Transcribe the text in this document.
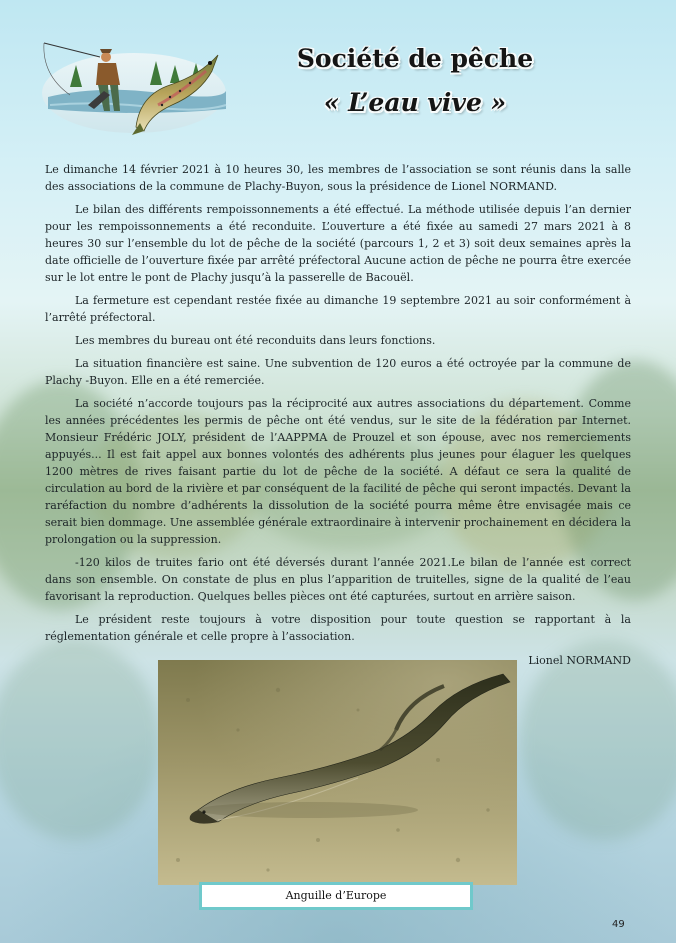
Société de pêche
« L’eau vive »

Le dimanche 14 février 2021 à 10 heures 30, les membres de l’association se sont réunis dans la salle des associations de la commune de Plachy-Buyon, sous la présidence de Lionel NORMAND.

Le bilan des différents rempoissonnements a été effectué. La méthode utilisée depuis l’an dernier pour les rempoissonnements a été reconduite. L’ouverture a été fixée au samedi 27 mars 2021 à 8 heures 30 sur l’ensemble du lot de pêche de la société (parcours 1, 2 et 3) soit deux semaines après la date officielle de l’ouverture fixée par arrêté préfectoral Aucune action de pêche ne pourra être exercée sur le lot entre le pont de Plachy jusqu’à la passerelle de Bacouël.

La fermeture est cependant restée fixée au dimanche 19 septembre 2021 au soir conformément à l’arrêté préfectoral.

Les membres du bureau ont été reconduits dans leurs fonctions.

La situation financière est saine. Une subvention de 120 euros a été octroyée par la commune de Plachy -Buyon. Elle en a été remerciée.

La société n’accorde toujours pas la réciprocité aux autres associations du département. Comme les années précédentes les permis de pêche ont été vendus, sur le site de la fédération par Internet. Monsieur Frédéric JOLY, président de l’AAPPMA de Prouzel et son épouse, avec nos remerciements appuyés... Il est fait appel aux bonnes volontés des adhérents plus jeunes pour élaguer les quelques 1200 mètres de rives faisant partie du lot de pêche de la société. A défaut ce sera la qualité de circulation au bord de la rivière et par conséquent de la facilité de pêche qui seront impactés. Devant la raréfaction du nombre d’adhérents la dissolution de la société pourra même être envisagée mais ce serait bien dommage. Une assemblée générale extraordinaire à intervenir prochainement en décidera la prolongation ou la suppression.

-120 kilos de truites fario ont été déversés durant l’année 2021.Le bilan de l’année est correct dans son ensemble. On constate de plus en plus l’apparition de truitelles, signe de la qualité de l’eau favorisant la reproduction. Quelques belles pièces ont été capturées, surtout en arrière saison.

Le président reste toujours à votre disposition pour toute question se rapportant à la réglementation générale et celle propre à l’association.

Lionel NORMAND
Anguille d’Europe
49
